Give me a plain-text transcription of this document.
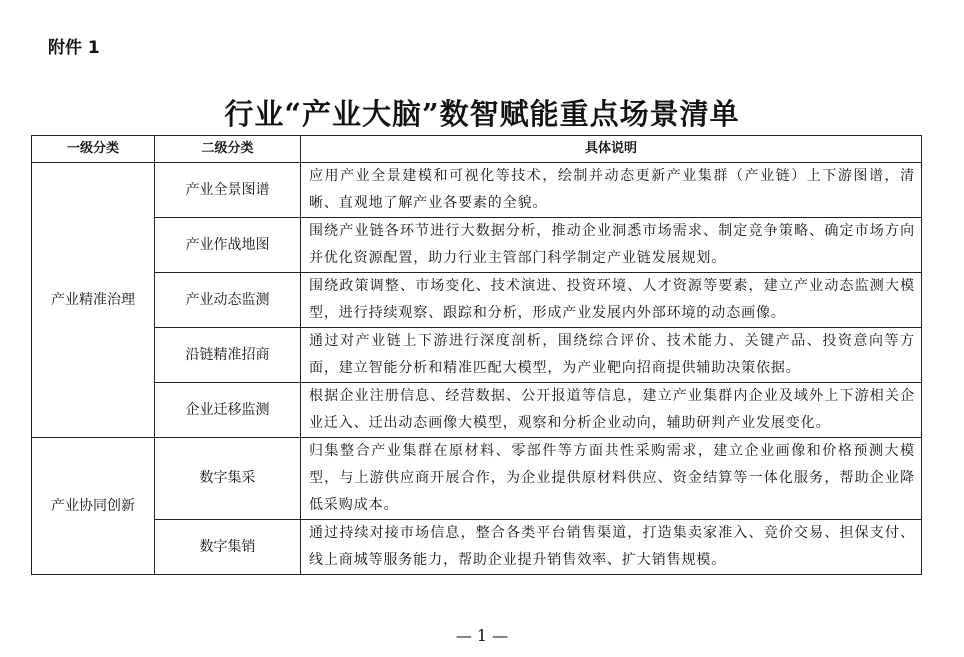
附件 1
行业“产业大脑”数智赋能重点场景清单
一级分类	二级分类	具体说明
产业精准治理	产业全景图谱	应用产业全景建模和可视化等技术，绘制并动态更新产业集群（产业链）上下游图谱，清晰、直观地了解产业各要素的全貌。
	产业作战地图	围绕产业链各环节进行大数据分析，推动企业洞悉市场需求、制定竞争策略、确定市场方向并优化资源配置，助力行业主管部门科学制定产业链发展规划。
	产业动态监测	围绕政策调整、市场变化、技术演进、投资环境、人才资源等要素，建立产业动态监测大模型，进行持续观察、跟踪和分析，形成产业发展内外部环境的动态画像。
	沿链精准招商	通过对产业链上下游进行深度剖析，围绕综合评价、技术能力、关键产品、投资意向等方面，建立智能分析和精准匹配大模型，为产业靶向招商提供辅助决策依据。
	企业迁移监测	根据企业注册信息、经营数据、公开报道等信息，建立产业集群内企业及域外上下游相关企业迁入、迁出动态画像大模型，观察和分析企业动向，辅助研判产业发展变化。
产业协同创新	数字集采	归集整合产业集群在原材料、零部件等方面共性采购需求，建立企业画像和价格预测大模型，与上游供应商开展合作，为企业提供原材料供应、资金结算等一体化服务，帮助企业降低采购成本。
	数字集销	通过持续对接市场信息，整合各类平台销售渠道，打造集卖家准入、竞价交易、担保支付、线上商城等服务能力，帮助企业提升销售效率、扩大销售规模。
— 1 —
